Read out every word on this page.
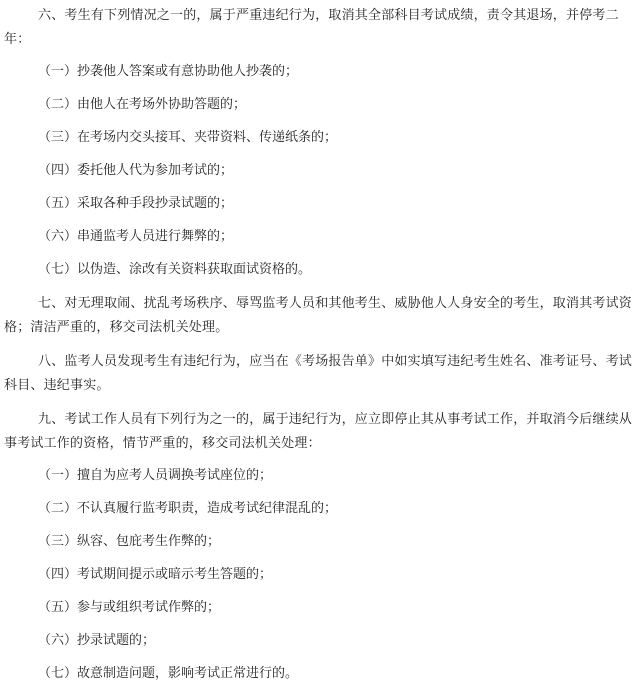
六、考生有下列情况之一的，属于严重违纪行为，取消其全部科目考试成绩，责令其退场，并停考二年：

（一）抄袭他人答案或有意协助他人抄袭的；
（二）由他人在考场外协助答题的；
（三）在考场内交头接耳、夹带资料、传递纸条的；
（四）委托他人代为参加考试的；
（五）采取各种手段抄录试题的；
（六）串通监考人员进行舞弊的；
（七）以伪造、涂改有关资料获取面试资格的。

七、对无理取闹、扰乱考场秩序、辱骂监考人员和其他考生、威胁他人人身安全的考生，取消其考试资格；清洁严重的，移交司法机关处理。

八、监考人员发现考生有违纪行为，应当在《考场报告单》中如实填写违纪考生姓名、准考证号、考试科目、违纪事实。

九、考试工作人员有下列行为之一的，属于违纪行为，应立即停止其从事考试工作，并取消今后继续从事考试工作的资格，情节严重的，移交司法机关处理：

（一）擅自为应考人员调换考试座位的；
（二）不认真履行监考职责，造成考试纪律混乱的；
（三）纵容、包庇考生作弊的；
（四）考试期间提示或暗示考生答题的；
（五）参与或组织考试作弊的；
（六）抄录试题的；
（七）故意制造问题，影响考试正常进行的。
